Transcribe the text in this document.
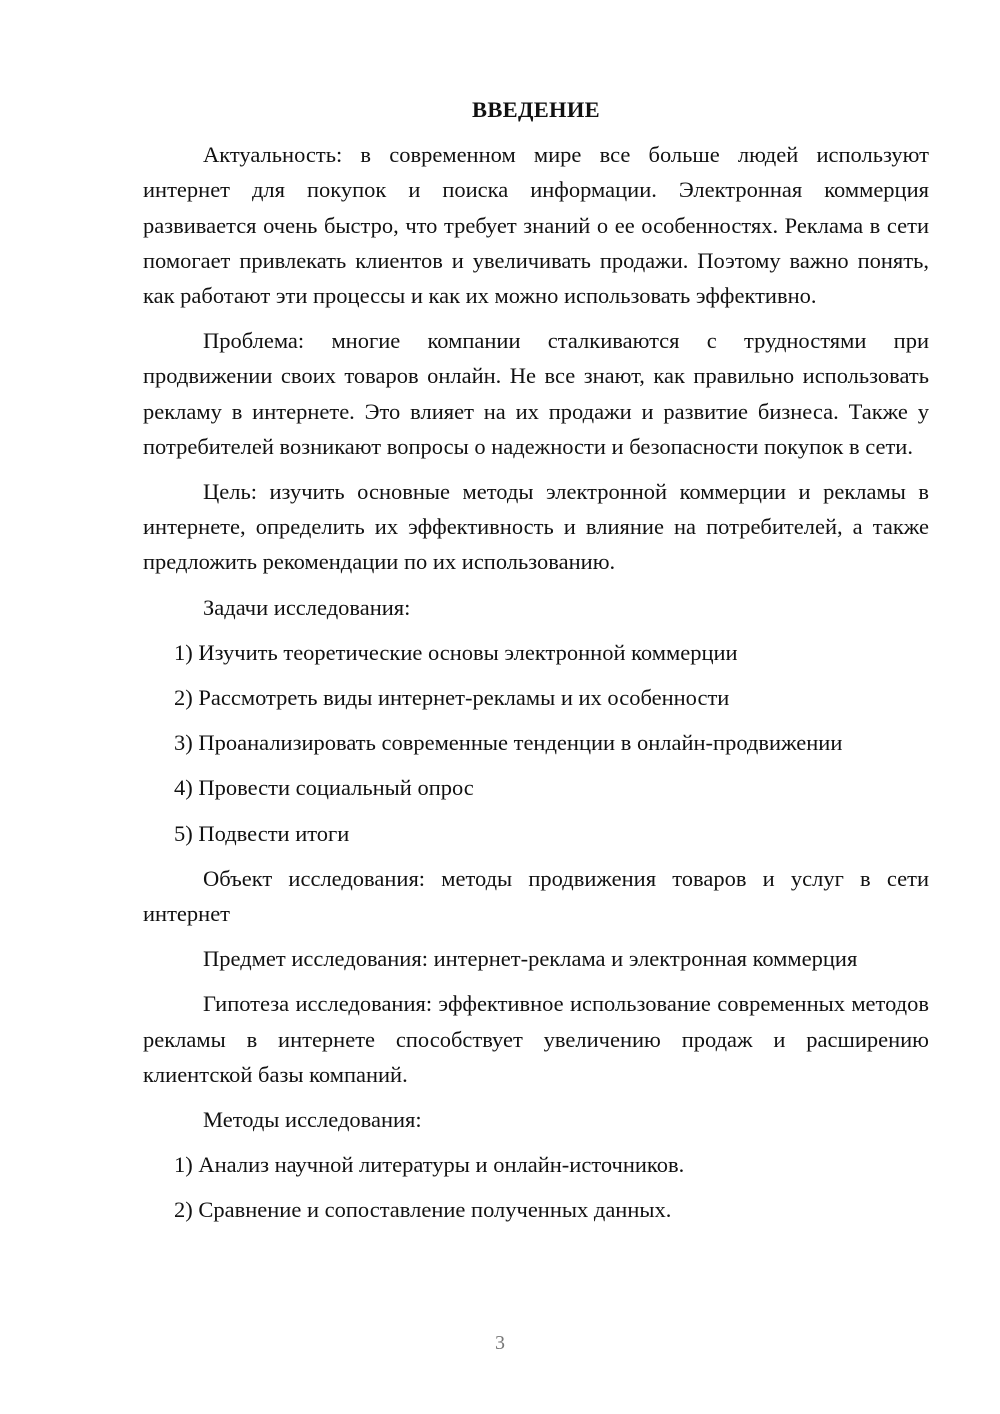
ВВЕДЕНИЕ

Актуальность: в современном мире все больше людей используют интернет для покупок и поиска информации. Электронная коммерция развивается очень быстро, что требует знаний о ее особенностях. Реклама в сети помогает привлекать клиентов и увеличивать продажи. Поэтому важно понять, как работают эти процессы и как их можно использовать эффективно.

Проблема: многие компании сталкиваются с трудностями при продвижении своих товаров онлайн. Не все знают, как правильно использовать рекламу в интернете. Это влияет на их продажи и развитие бизнеса. Также у потребителей возникают вопросы о надежности и безопасности покупок в сети.

Цель: изучить основные методы электронной коммерции и рекламы в интернете, определить их эффективность и влияние на потребителей, а также предложить рекомендации по их использованию.

Задачи исследования:
1) Изучить теоретические основы электронной коммерции
2) Рассмотреть виды интернет-рекламы и их особенности
3) Проанализировать современные тенденции в онлайн-продвижении
4) Провести социальный опрос
5) Подвести итоги

Объект исследования: методы продвижения товаров и услуг в сети интернет

Предмет исследования: интернет-реклама и электронная коммерция

Гипотеза исследования: эффективное использование современных методов рекламы в интернете способствует увеличению продаж и расширению клиентской базы компаний.

Методы исследования:
1) Анализ научной литературы и онлайн-источников.
2) Сравнение и сопоставление полученных данных.
3
